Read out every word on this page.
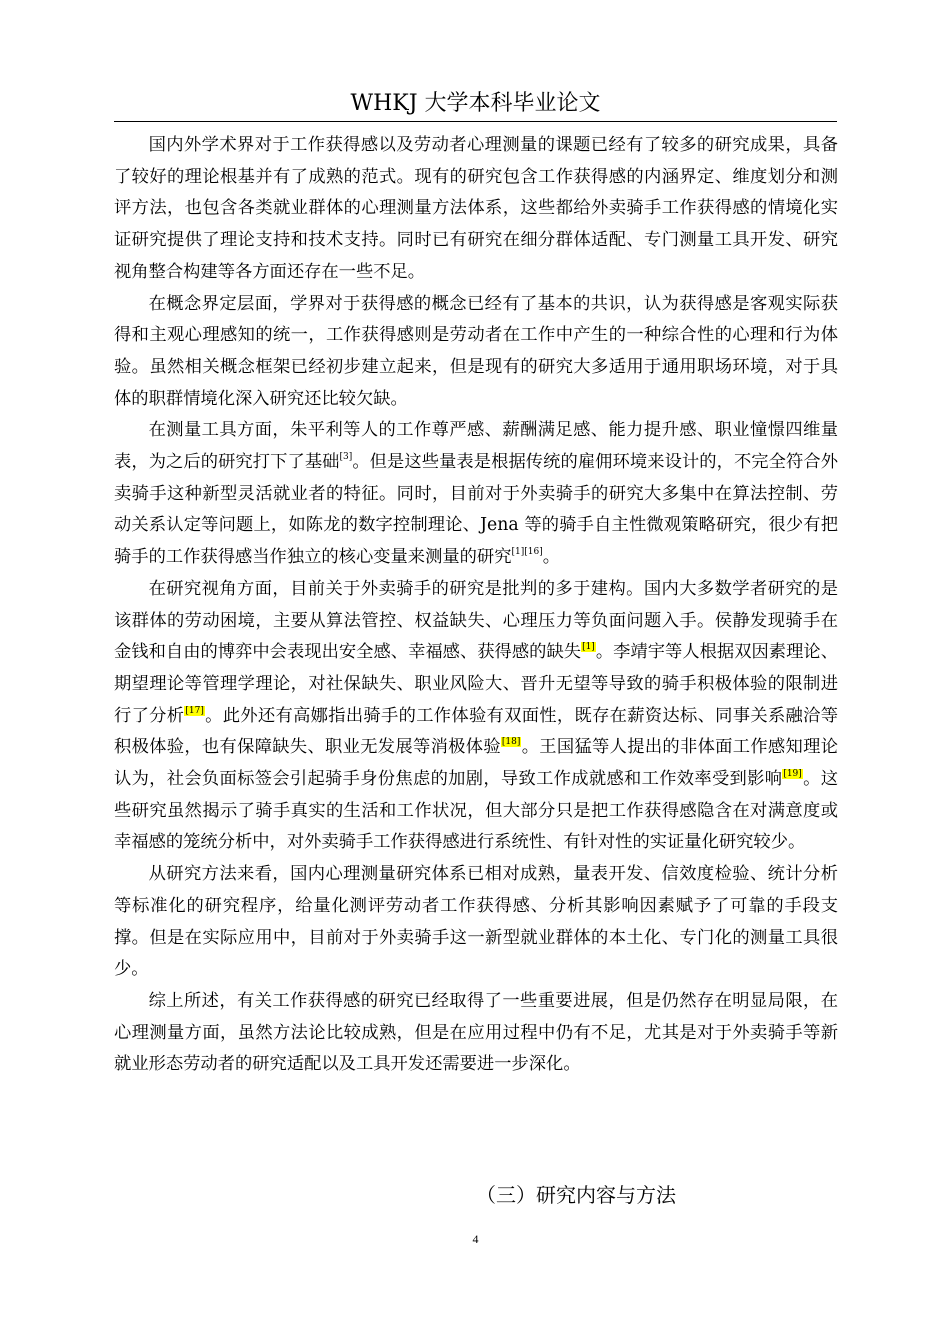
WHKJ 大学本科毕业论文

国内外学术界对于工作获得感以及劳动者心理测量的课题已经有了较多的研究成果，具备了较好的理论根基并有了成熟的范式。现有的研究包含工作获得感的内涵界定、维度划分和测评方法，也包含各类就业群体的心理测量方法体系，这些都给外卖骑手工作获得感的情境化实证研究提供了理论支持和技术支持。同时已有研究在细分群体适配、专门测量工具开发、研究视角整合构建等各方面还存在一些不足。

在概念界定层面，学界对于获得感的概念已经有了基本的共识，认为获得感是客观实际获得和主观心理感知的统一，工作获得感则是劳动者在工作中产生的一种综合性的心理和行为体验。虽然相关概念框架已经初步建立起来，但是现有的研究大多适用于通用职场环境，对于具体的职群情境化深入研究还比较欠缺。

在测量工具方面，朱平利等人的工作尊严感、薪酬满足感、能力提升感、职业憧憬四维量表，为之后的研究打下了基础[3]。但是这些量表是根据传统的雇佣环境来设计的，不完全符合外卖骑手这种新型灵活就业者的特征。同时，目前对于外卖骑手的研究大多集中在算法控制、劳动关系认定等问题上，如陈龙的数字控制理论、Jena 等的骑手自主性微观策略研究，很少有把骑手的工作获得感当作独立的核心变量来测量的研究[1][16]。

在研究视角方面，目前关于外卖骑手的研究是批判的多于建构。国内大多数学者研究的是该群体的劳动困境，主要从算法管控、权益缺失、心理压力等负面问题入手。侯静发现骑手在金钱和自由的博弈中会表现出安全感、幸福感、获得感的缺失[1]。李靖宇等人根据双因素理论、期望理论等管理学理论，对社保缺失、职业风险大、晋升无望等导致的骑手积极体验的限制进行了分析[17]。此外还有高娜指出骑手的工作体验有双面性，既存在薪资达标、同事关系融洽等积极体验，也有保障缺失、职业无发展等消极体验[18]。王国猛等人提出的非体面工作感知理论认为，社会负面标签会引起骑手身份焦虑的加剧，导致工作成就感和工作效率受到影响[19]。这些研究虽然揭示了骑手真实的生活和工作状况，但大部分只是把工作获得感隐含在对满意度或幸福感的笼统分析中，对外卖骑手工作获得感进行系统性、有针对性的实证量化研究较少。

从研究方法来看，国内心理测量研究体系已相对成熟，量表开发、信效度检验、统计分析等标准化的研究程序，给量化测评劳动者工作获得感、分析其影响因素赋予了可靠的手段支撑。但是在实际应用中，目前对于外卖骑手这一新型就业群体的本土化、专门化的测量工具很少。

综上所述，有关工作获得感的研究已经取得了一些重要进展，但是仍然存在明显局限，在心理测量方面，虽然方法论比较成熟，但是在应用过程中仍有不足，尤其是对于外卖骑手等新就业形态劳动者的研究适配以及工具开发还需要进一步深化。

（三）研究内容与方法
4
